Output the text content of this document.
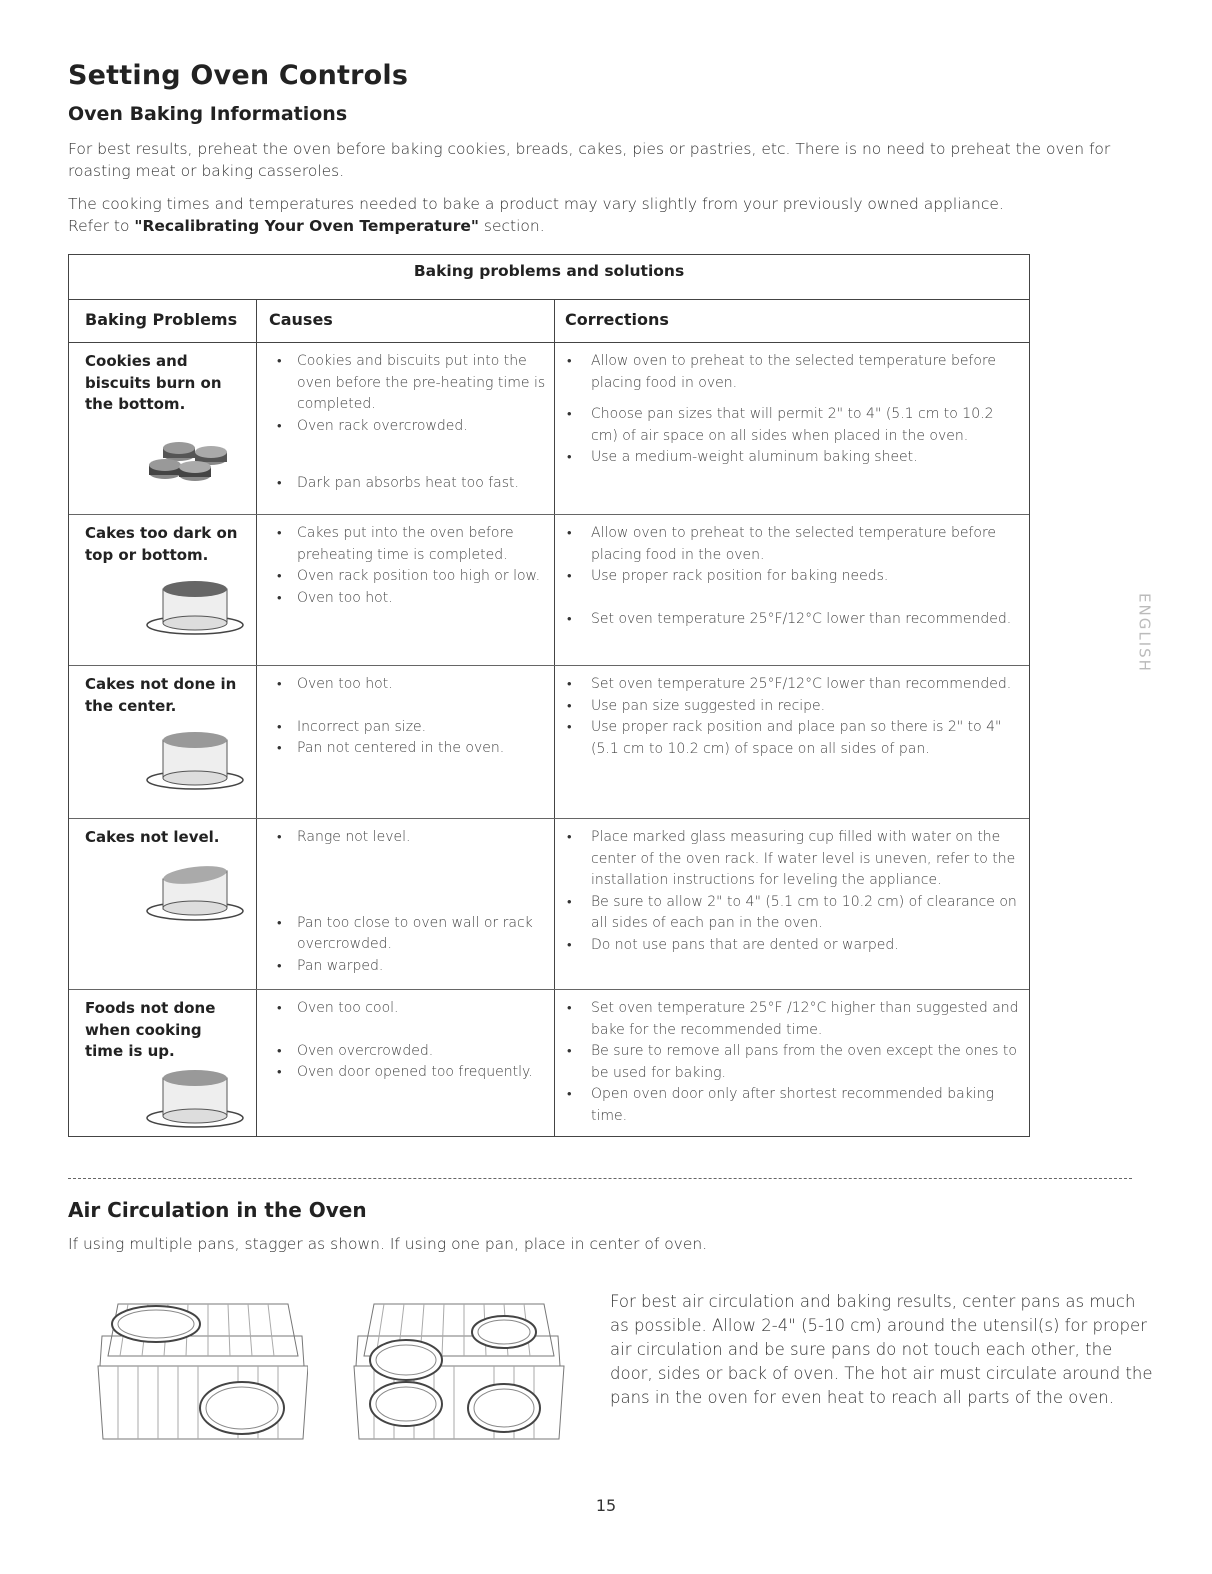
Setting Oven Controls
Oven Baking Informations

For best results, preheat the oven before baking cookies, breads, cakes, pies or pastries, etc. There is no need to preheat the oven for roasting meat or baking casseroles.

The cooking times and temperatures needed to bake a product may vary slightly from your previously owned appliance.
Refer to "Recalibrating Your Oven Temperature" section.

Baking problems and solutions
Baking Problems	Causes	Corrections
Cookies and
biscuits burn on
the bottom.
• Cookies and biscuits put into the oven before the pre-heating time is completed.
• Oven rack overcrowded.
• Dark pan absorbs heat too fast.
• Allow oven to preheat to the selected temperature before placing food in oven.
• Choose pan sizes that will permit 2" to 4" (5.1 cm to 10.2 cm) of air space on all sides when placed in the oven.
• Use a medium-weight aluminum baking sheet.
Cakes too dark on
top or bottom.
• Cakes put into the oven before preheating time is completed.
• Oven rack position too high or low.
• Oven too hot.
• Allow oven to preheat to the selected temperature before placing food in the oven.
• Use proper rack position for baking needs.
• Set oven temperature 25°F/12°C lower than recommended.
Cakes not done in
the center.
• Oven too hot.
• Incorrect pan size.
• Pan not centered in the oven.
• Set oven temperature 25°F/12°C lower than recommended.
• Use pan size suggested in recipe.
• Use proper rack position and place pan so there is 2" to 4" (5.1 cm to 10.2 cm) of space on all sides of pan.
Cakes not level.
•	Range not level.
• Pan too close to oven wall or rack overcrowded.
• Pan warped.
• Place marked glass measuring cup filled with water on the center of the oven rack. If water level is uneven, refer to the installation instructions for leveling the appliance.
• Be sure to allow 2" to 4" (5.1 cm to 10.2 cm) of clearance on all sides of each pan in the oven.
• Do not use pans that are dented or warped.
Foods not done
when cooking
time is up.
• Oven too cool.
• Oven overcrowded.
• Oven door opened too frequently.
• Set oven temperature 25°F /12°C higher than suggested and bake for the recommended time.
• Be sure to remove all pans from the oven except the ones to be used for baking.
• Open oven door only after shortest recommended baking time.
ENGLISH
Air Circulation in the Oven

If using multiple pans, stagger as shown. If using one pan, place in center of oven.

For best air circulation and baking results, center pans as much as possible. Allow 2-4" (5-10 cm) around the utensil(s) for proper air circulation and be sure pans do not touch each other, the door, sides or back of oven. The hot air must circulate around the pans in the oven for even heat to reach all parts of the oven.

15
